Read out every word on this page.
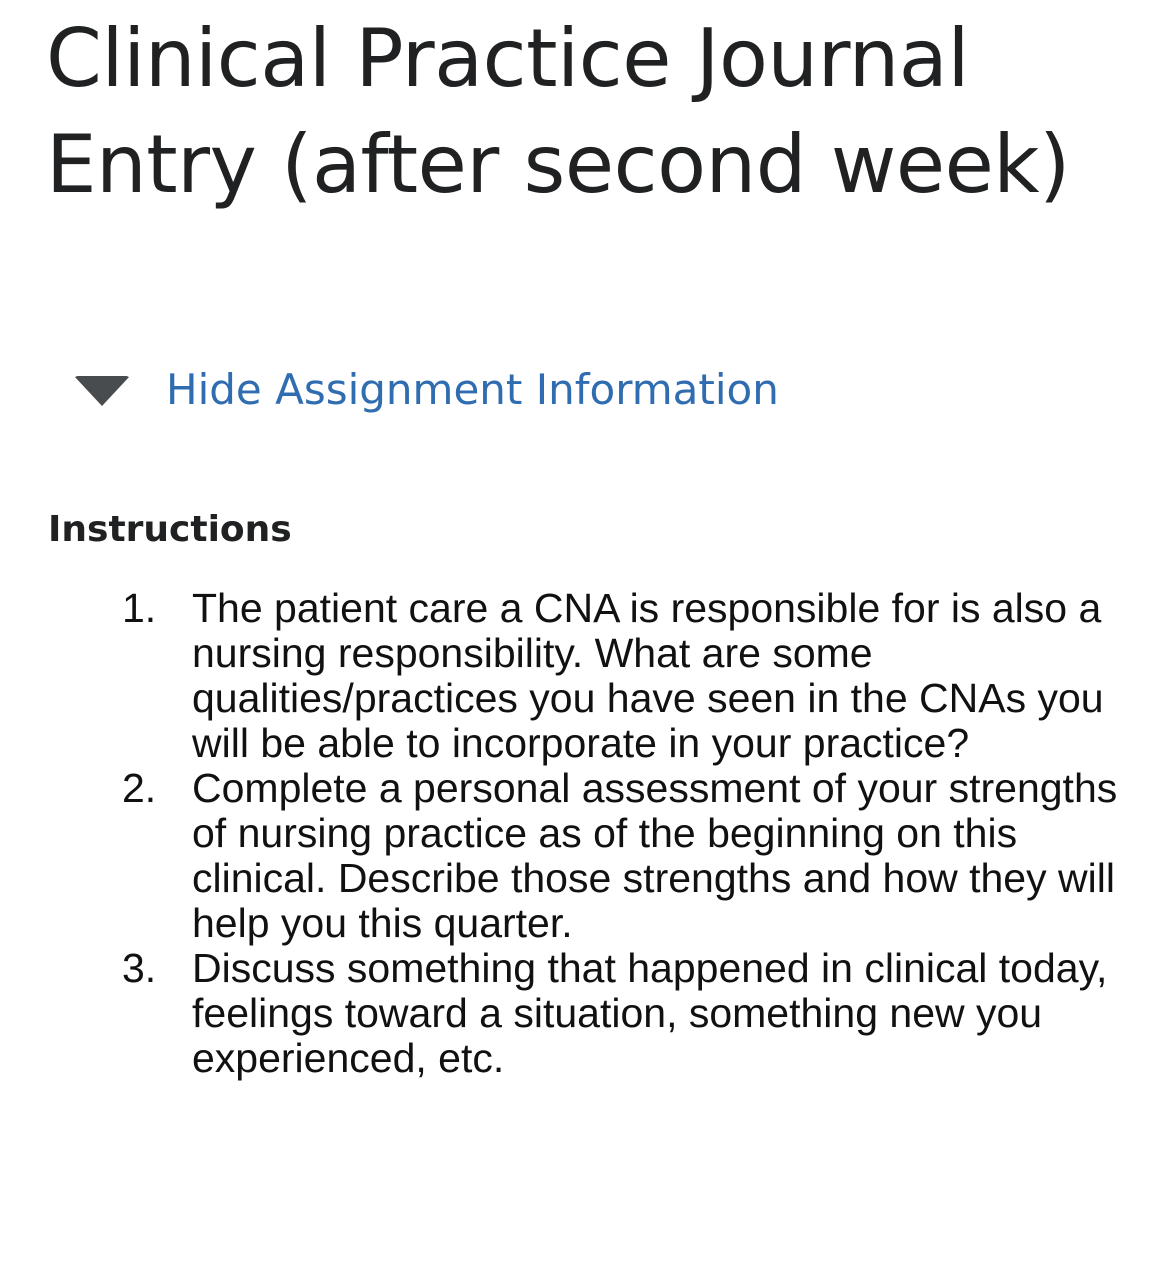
Clinical Practice Journal Entry (after second week)
Hide Assignment Information
Instructions
1. The patient care a CNA is responsible for is also a nursing responsibility. What are some qualities/practices you have seen in the CNAs you will be able to incorporate in your practice?
2. Complete a personal assessment of your strengths of nursing practice as of the beginning on this clinical. Describe those strengths and how they will help you this quarter.
3. Discuss something that happened in clinical today, feelings toward a situation, something new you experienced, etc.
